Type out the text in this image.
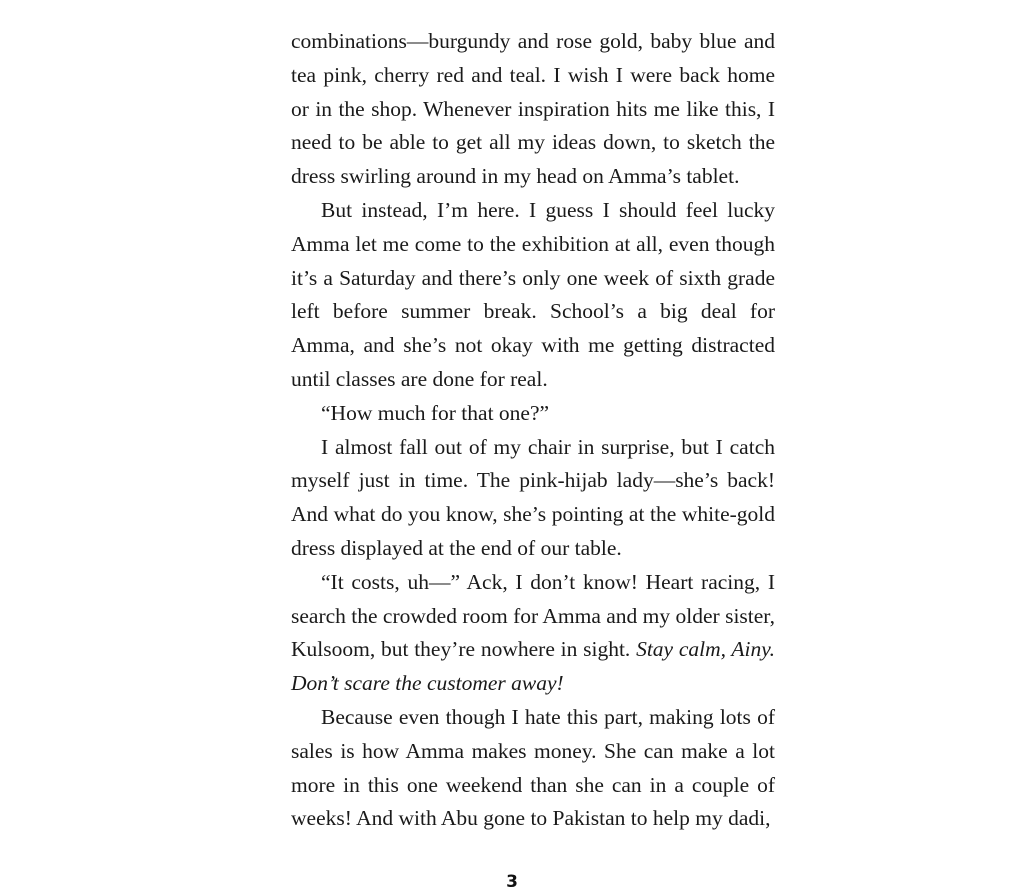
combinations—burgundy and rose gold, baby blue and tea pink, cherry red and teal. I wish I were back home or in the shop. Whenever inspiration hits me like this, I need to be able to get all my ideas down, to sketch the dress swirling around in my head on Amma’s tablet.

But instead, I’m here. I guess I should feel lucky Amma let me come to the exhibition at all, even though it’s a Saturday and there’s only one week of sixth grade left before summer break. School’s a big deal for Amma, and she’s not okay with me getting distracted until classes are done for real.

“How much for that one?”

I almost fall out of my chair in surprise, but I catch myself just in time. The pink-hijab lady—she’s back! And what do you know, she’s pointing at the white-gold dress displayed at the end of our table.

“It costs, uh—” Ack, I don’t know! Heart racing, I search the crowded room for Amma and my older sister, Kulsoom, but they’re nowhere in sight. Stay calm, Ainy. Don’t scare the customer away!

Because even though I hate this part, making lots of sales is how Amma makes money. She can make a lot more in this one weekend than she can in a couple of weeks! And with Abu gone to Pakistan to help my dadi,

3
